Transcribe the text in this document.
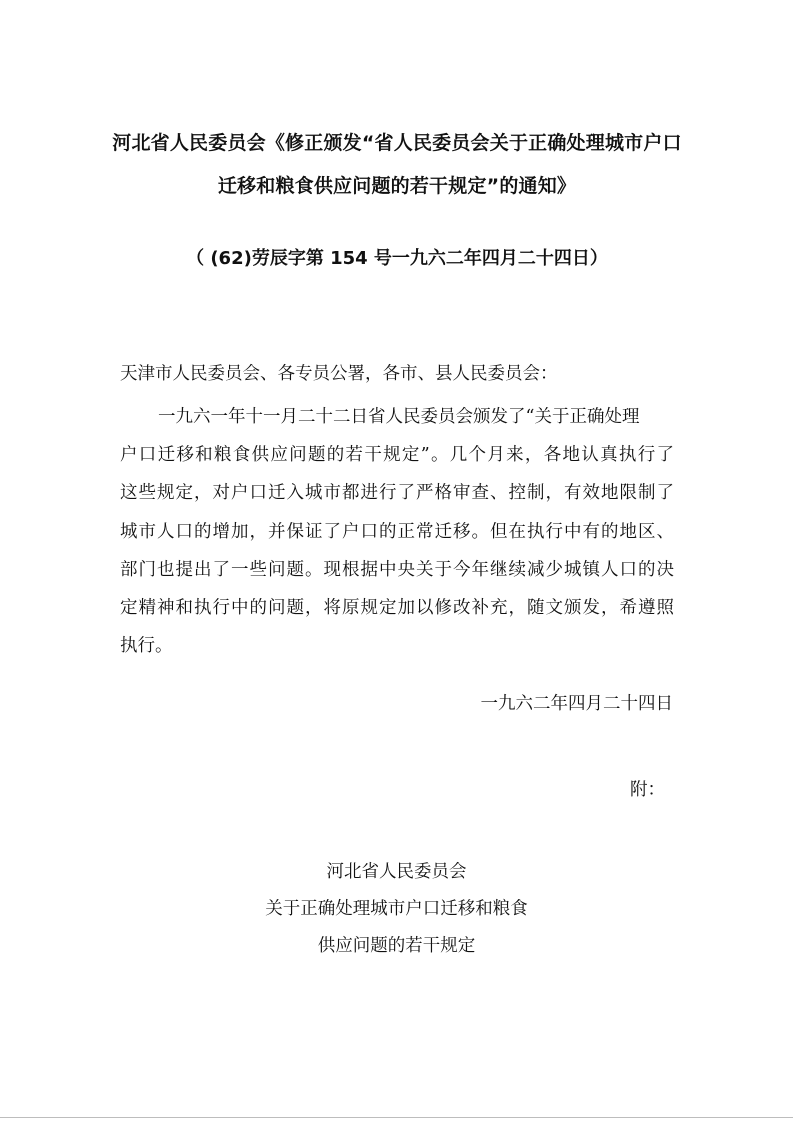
河北省人民委员会《修正颁发“省人民委员会关于正确处理城市户口
迁移和粮食供应问题的若干规定”的通知》
（ (62)劳辰字第 154 号一九六二年四月二十四日）
天津市人民委员会、各专员公署，各市、县人民委员会：
一九六一年十一月二十二日省人民委员会颁发了“关于正确处理
户口迁移和粮食供应问题的若干规定”。几个月来，各地认真执行了
这些规定，对户口迁入城市都进行了严格审查、控制，有效地限制了
城市人口的增加，并保证了户口的正常迁移。但在执行中有的地区、
部门也提出了一些问题。现根据中央关于今年继续减少城镇人口的决
定精神和执行中的问题，将原规定加以修改补充，随文颁发，希遵照
执行。
一九六二年四月二十四日
附：
河北省人民委员会
关于正确处理城市户口迁移和粮食
供应问题的若干规定
